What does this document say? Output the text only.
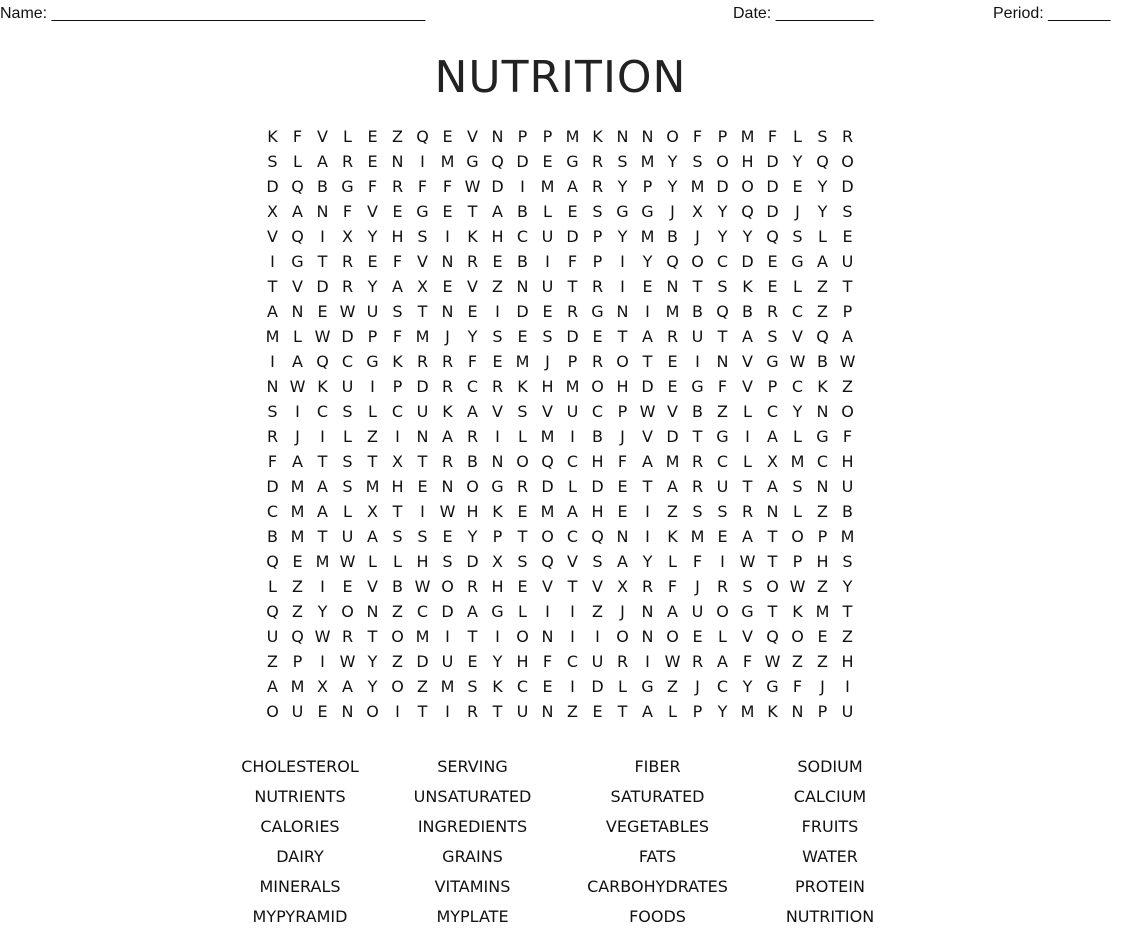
Name: __________________________________________	Date: ___________	Period: _______
NUTRITION
K F V L E Z Q E V N P P M K N N O F P M F L S R
S L A R E N	I M G Q D E G R S M Y S O H D Y Q O
D Q B G F R F F W D	I M A R Y P Y M D O D E Y D
X A N F V E G E T A B L E S G G	J	X Y Q D	J	Y S
V Q	I	X Y H S	I	K H C U D P Y M B	J	Y Y Q S L E
I	G T R E F V N R E B	I	F P	I	Y Q O C D E G A U
T V D R Y A X E V Z N U T R	I	E N T S K E L Z T
A N E W U S T N E	I	D E R G N	I M B Q B R C Z P
M L W D P F M J	Y S E S D E T A R U T A S V Q A
I	A Q C G K R R F E M J	P R O T E	I	N V G W B W
N W K U	I	P D R C R K H M O H D E G F V P C K Z
S	I	C S L C U K A V S V U C P W V B Z L C Y N O
R	J	I	L Z	I	N A R	I	L M I	B	J	V D T G	I	A L G F
F A T S T X T R B N O Q C H F A M R C L X M C H
D M A S M H E N O G R D L D E T A R U T A S N U
C M A L X T	I W H K E M A H E	I	Z S S R N L Z B
B M T U A S S E Y P T O C Q N	I	K M E A T O P M
Q E M W L	L H S D X S Q V S A Y L F	I W T P H S
L Z	I	E V B W O R H E V T V X R F	J	R S O W Z Y
Q Z Y O N Z C D A G L	I	I	Z	J	N A U O G T K M T
U Q W R T O M I	T	I	O N	I	I	O N O E L V Q O E Z
Z P	I W Y Z D U E Y H F C U R	I W R A F W Z Z H
A M X A Y O Z M S K C E	I	D L G Z	J	C Y G F	J	I
O U E N O	I	T	I	R T U N Z E T A L P Y M K N P U
CHOLESTEROL	SERVING	FIBER	SODIUM
NUTRIENTS	UNSATURATED	SATURATED	CALCIUM
CALORIES	INGREDIENTS	VEGETABLES	FRUITS
DAIRY	GRAINS	FATS	WATER
MINERALS	VITAMINS	CARBOHYDRATES	PROTEIN
MYPYRAMID	MYPLATE	FOODS	NUTRITION
